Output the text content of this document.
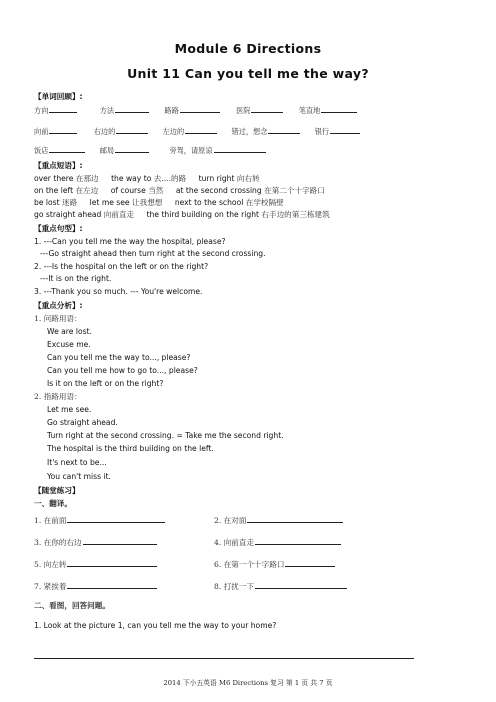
Module 6 Directions
Unit 11 Can you tell me the way?
【单词回顾】:
方向	方法	路路	医院	笔直地
向前	右边的	左边的	错过，想念	银行
饭店	邮局	旁驾，请原谅
【重点短语】:
over there 在那边 the way to 去....的路 turn right 向右转
on the left 在左边 of course 当然 at the second crossing 在第二个十字路口
be lost 迷路 let me see 让我想想 next to the school 在学校隔壁
go straight ahead 向前直走 the third building on the right 右手边的第三栋建筑
【重点句型】:
1. ---Can you tell me the way the hospital, please?
---Go straight ahead then turn right at the second crossing.
2. ---Is the hospital on the left or on the right?
---It is on the right.
3. ---Thank you so much. --- You're welcome.
【重点分析】:
1. 问路用语：
We are lost.
Excuse me.
Can you tell me the way to..., please?
Can you tell me how to go to..., please?
Is it on the left or on the right?
2. 指路用语：
Let me see.
Go straight ahead.
Turn right at the second crossing. = Take me the second right.
The hospital is the third building on the left.
It's next to be...
You can't miss it.
【随堂练习】
一、翻译。
1. 在前面	2. 在对面
3. 在你的右边	4. 向前直走
5. 向左转	6. 在第一个十字路口
7. 紧挨着	8. 打扰一下
二、看图，回答问题。
1. Look at the picture 1, can you tell me the way to your home?
2014 下小五英语 M6 Directions 复习 第 1 页 共 7 页
